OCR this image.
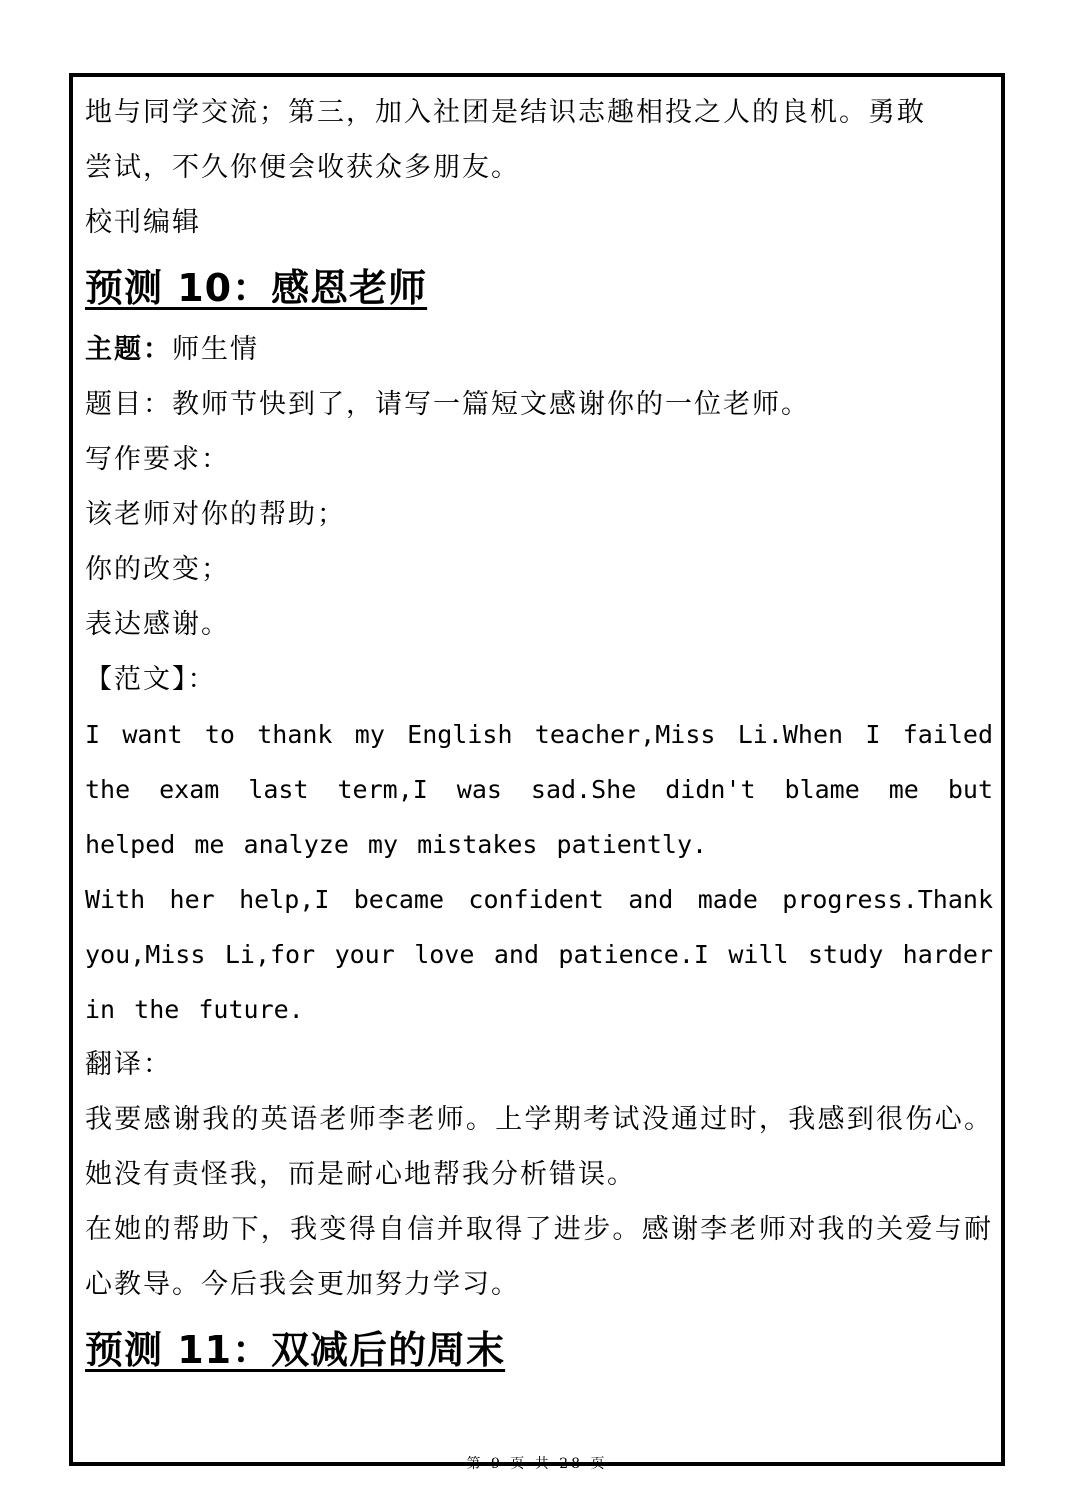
地与同学交流；第三，加入社团是结识志趣相投之人的良机。勇敢

尝试，不久你便会收获众多朋友。

校刊编辑

预测 10：感恩老师

主题：师生情

题目：教师节快到了，请写一篇短文感谢你的一位老师。

写作要求：

该老师对你的帮助；

你的改变；

表达感谢。

【范文】：

I want to thank my English teacher,Miss Li.When I failed the exam last term,I was sad.She didn't blame me but helped me analyze my mistakes patiently.

With her help,I became confident and made progress.Thank you,Miss Li,for your love and patience.I will study harder in the future.

翻译：

我要感谢我的英语老师李老师。上学期考试没通过时，我感到很伤心。她没有责怪我，而是耐心地帮我分析错误。

在她的帮助下，我变得自信并取得了进步。感谢李老师对我的关爱与耐心教导。今后我会更加努力学习。

预测 11：双减后的周末
第 9 页 共 28 页
